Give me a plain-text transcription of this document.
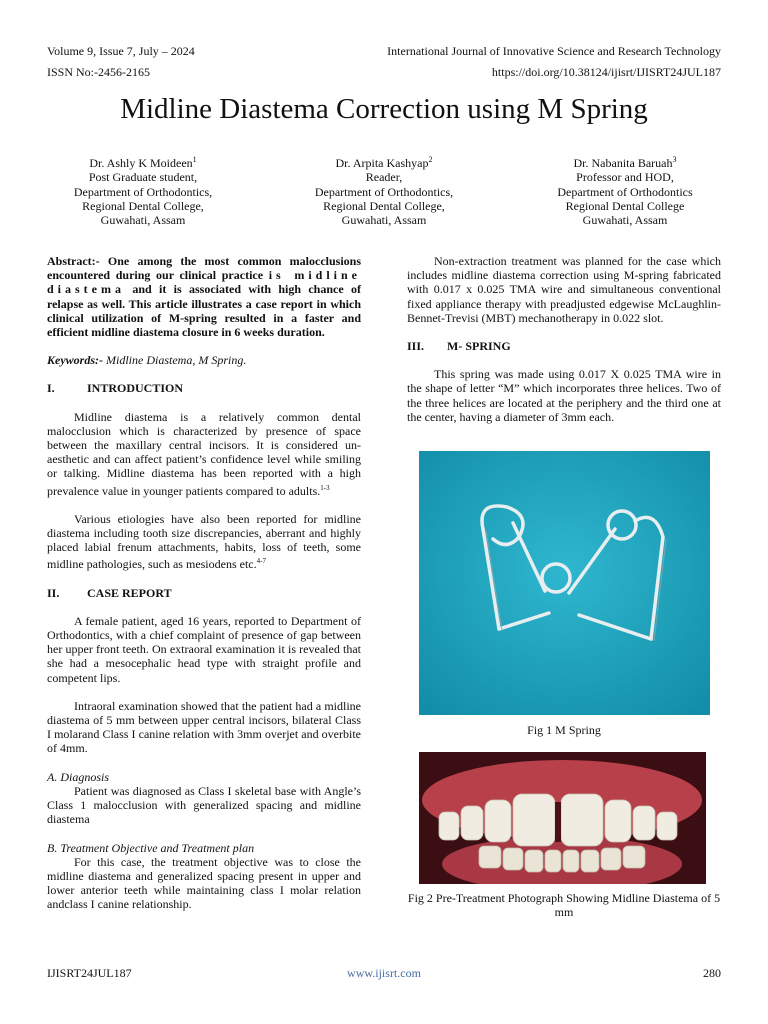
Volume 9, Issue 7, July – 2024	International Journal of Innovative Science and Research Technology
ISSN No:-2456-2165	https://doi.org/10.38124/ijisrt/IJISRT24JUL187
Midline Diastema Correction using M Spring
Dr. Ashly K Moideen$^1$
Post Graduate student,
Department of Orthodontics,
Regional Dental College,
Guwahati, Assam
Dr. Arpita Kashyap$^2$
Reader,
Department of Orthodontics,
Regional Dental College,
Guwahati, Assam
Dr. Nabanita Baruah$^3$
Professor and HOD,
Department of Orthodontics
Regional Dental College
Guwahati, Assam

Abstract:- One among the most common malocclusions encountered during our clinical practice is midline diastema and it is associated with high chance of relapse as well. This article illustrates a case report in which clinical utilization of M-spring resulted in a faster and efficient midline diastema closure in 6 weeks duration.

Keywords:- Midline Diastema, M Spring.

I.	INTRODUCTION

Midline diastema is a relatively common dental malocclusion which is characterized by presence of space between the maxillary central incisors. It is considered un-aesthetic and can affect patient’s confidence level while smiling or talking. Midline diastema has been reported with a high prevalence value in younger patients compared to adults.$^{1-3}$

Various etiologies have also been reported for midline diastema including tooth size discrepancies, aberrant and highly placed labial frenum attachments, habits, loss of teeth, some midline pathologies, such as mesiodens etc.$^{4-7}$

II. CASE REPORT

A female patient, aged 16 years, reported to Department of Orthodontics, with a chief complaint of presence of gap between her upper front teeth. On extraoral examination it is revealed that she had a mesocephalic head type with straight profile and competent lips.

Intraoral examination showed that the patient had a midline diastema of 5 mm between upper central incisors, bilateral Class I molarand Class I canine relation with 3mm overjet and overbite of 4mm.

A. Diagnosis

Patient was diagnosed as Class I skeletal base with Angle’s Class 1 malocclusion with generalized spacing and midline diastema

B. Treatment Objective and Treatment plan

For this case, the treatment objective was to close the midline diastema and generalized spacing present in upper and lower anterior teeth while maintaining class I molar relation andclass I canine relationship.

Non-extraction treatment was planned for the case which includes midline diastema correction using M-spring fabricated with 0.017 x 0.025 TMA wire and simultaneous conventional fixed appliance therapy with preadjusted edgewise McLaughlin-Bennet-Trevisi (MBT) mechanotherapy in 0.022 slot.

III. M- SPRING

This spring was made using 0.017 X 0.025 TMA wire in the shape of letter “M” which incorporates three helices. Two of the three helices are located at the periphery and the third one at the center, having a diameter of 3mm each.

Fig 1 M Spring
Fig 2 Pre-Treatment Photograph Showing Midline Diastema of 5 mm
IJISRT24JUL187	www.ijisrt.com	280
